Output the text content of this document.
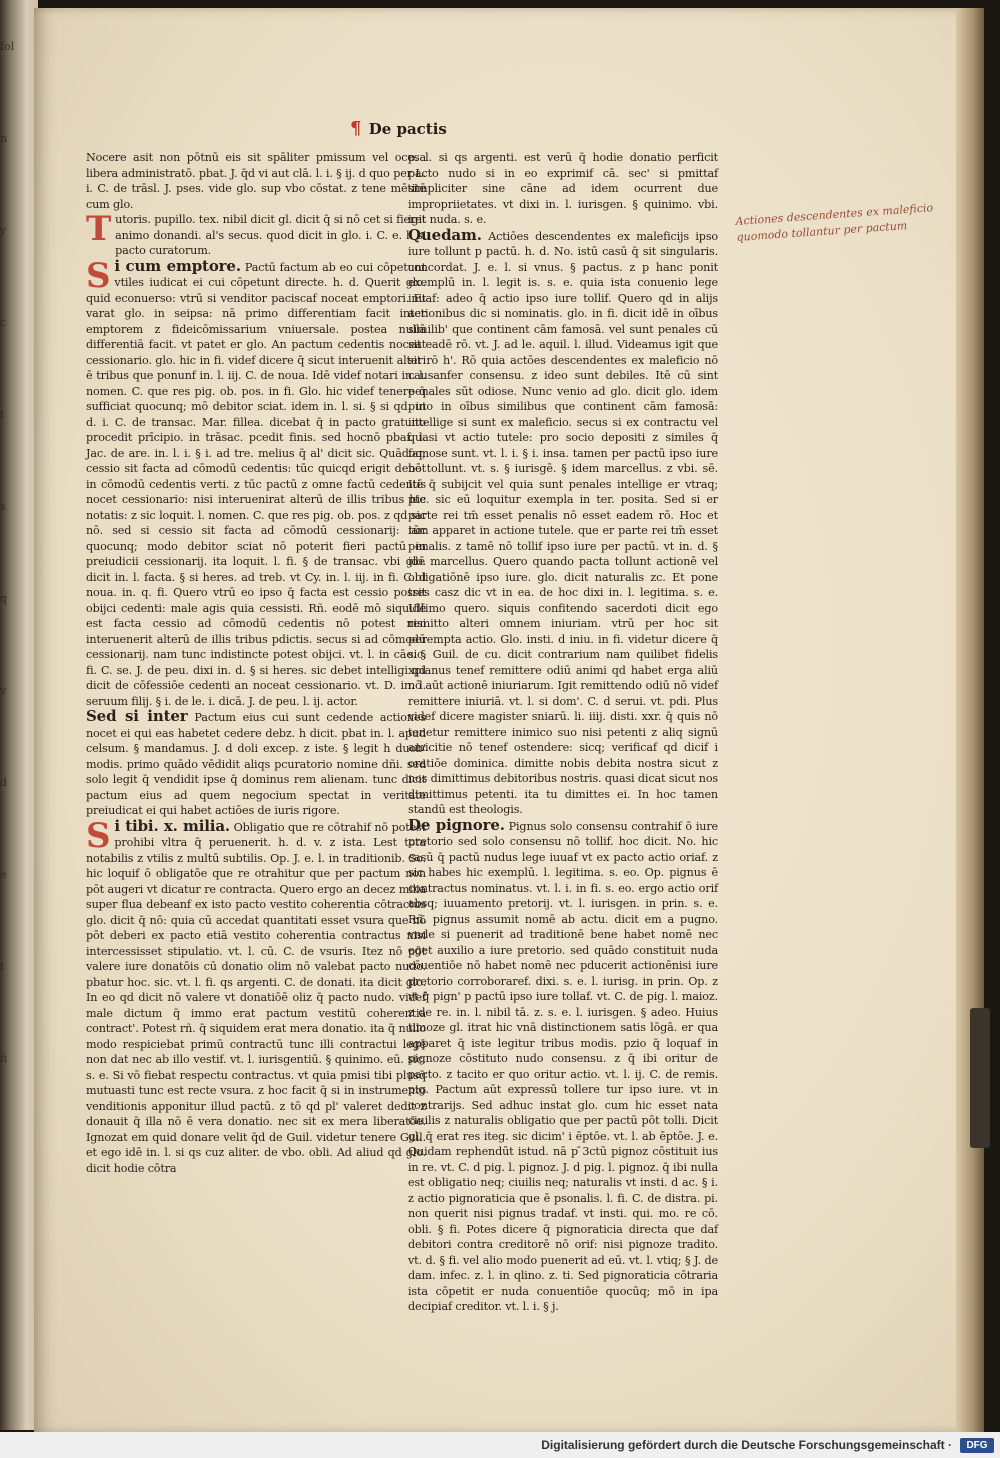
fol
n
y
c
t
s
q
v
d
e
t
fi
¶ De pactis

Nocere asit non pōtnū eis sit spāliter pmissum vel ocesa libera administratō. pbat. J. q̄d vi aut clā. l. i. § ij. d quo per L. i. C. de trāsl. J. pses. vide glo. sup vbo cōstat. z tene mētitē cum glo.

T utoris. pupillo. tex. nibil dicit gl. dicit q̄ si nō cet si fieret animo donandi. al's secus. quod dicit in glo. i. C. e. l. si pacto curatorum.

S i cum emptore. Pactū factum ab eo cui cōpetunt vtiles iudicat ei cui cōpetunt directe. h. d. Querit glo. quid econuerso: vtrū si venditor paciscaf noceat emptori. Et varat glo. in seipsa: nā primo differentiam facit inter emptorem z fideicōmissarium vniuersale. postea nullā differentiā facit. vt patet er glo. An pactum cedentis noceat cessionario. glo. hic in fi. videf dicere q̄ sicut interuenit alteri ē tribus que ponunf in. l. iij. C. de noua. Idē videf notari in. l. nomen. C. que res pig. ob. pos. in fi. Glo. hic videf tenere q̄ sufficiat quocunq; mō debitor sciat. idem in. l. si. § si qd. in d. i. C. de transac. Mar. fillea. dicebat q̄ in pacto gratuito procedit prīcipio. in trāsac. pcedit finis. sed hocnō pbaf. l. Jac. de are. in. l. i. § i. ad tre. melius q̄ al' dicit sic. Quādoq; cessio sit facta ad cōmodū cedentis: tūc quicqd erigit debet in cōmodū cedentis verti. z tūc pactū z omne factū cedentis nocet cessionario: nisi interuenirat alterū de illis tribus hic notatis: z sic loquit. l. nomen. C. que res pig. ob. pos. z qd sic nō. sed si cessio sit facta ad cōmodū cessionarij: tūc quocunq; modo debitor sciat nō poterit fieri pactū in preiudicii cessionarij. ita loquit. l. fi. § de transac. vbi glo. dicit in. l. facta. § si heres. ad treb. vt Cy. in. l. iij. in fi. C. d noua. in. q. fi. Quero vtrū eo ipso q̄ facta est cessio possit obijci cedenti: male agis quia cessisti. Rñ. eodē mō siquidē est facta cessio ad cōmodū cedentis nō potest nisi interuenerit alterū de illis tribus pdictis. secus si ad cōmodū cessionarij. nam tunc indistincte potest obijci. vt. l. in cāe. § fi. C. se. J. de peu. dixi in. d. § si heres. sic debet intelligi qd dicit de cōfessiōe cedenti an noceat cessionario. vt. D. in. l. seruum filij. § i. de le. i. dicā. J. de peu. l. ij. actor.

Sed si inter Pactum eius cui sunt cedende actiones nocet ei qui eas habetet cedere debz. h dicit. pbat in. l. apud celsum. § mandamus. J. d doli excep. z iste. § legit h duob' modis. primo quādo vēdidit aliqs pcuratorio nomine dñi. sed solo legit q̄ vendidit ipse q̄ dominus rem alienam. tunc dicit pactum eius ad quem negocium spectat in veritate preiudicat ei qui habet actiōes de iuris rigore.

S i tibi. x. milia. Obligatio que re cōtrahif nō potest prohibi vltra q̄ peruenerit. h. d. v. z ista. Lest tota notabilis z vtilis z multū subtilis. Op. J. e. l. in traditionib. So. hic loquif ō obligatōe que re otrahitur que per pactum non pōt augeri vt dicatur re contracta. Quero ergo an decez milia super flua debeanf ex isto pacto vestito coherentia cōtractus glo. dicit q̄ nō: quia cū accedat quantitati esset vsura que nō pōt deberi ex pacto etiā vestito coherentia contractus nisi intercessisset stipulatio. vt. l. cū. C. de vsuris. Itez nō pōt valere iure donatōis cū donatio olim nō valebat pacto nudo. pbatur hoc. sic. vt. l. fi. qs argenti. C. de donati. ita dicit glo. In eo qd dicit nō valere vt donatiōē oliz q̄ pacto nudo. videf male dictum q̄ immo erat pactum vestitū coherentia contract'. Potest rñ. q̄ siquidem erat mera donatio. ita q̄ nullo modo respiciebat primū contractū tunc illi contractui legē non dat nec ab illo vestif. vt. l. iurisgentiū. § quinimo. eū. sic. s. e. Si vō fiebat respectu contractus. vt quia pmisi tibi plusq̄ mutuasti tunc est recte vsura. z hoc facit q̄ si in instrumento venditionis apponitur illud pactū. z tō qd pl' valeret dedit z donauit q̄ illa nō ē vera donatio. nec sit ex mera liberatōe. Ignozat em quid donare velit q̄d de Guil. videtur tenere Guil. et ego idē in. l. si qs cuz aliter. de vbo. obli. Ad aliud qd glo. dicit hodie cōtra

p. l. si qs argenti. est verū q̄ hodie donatio perficit pacto nudo si in eo exprimif cā. sec' si pmittaf simpliciter sine cāne ad idem ocurrent due impropriietates. vt dixi in. l. iurisgen. § quinimo. vbi. igit nuda. s. e.

Quedam. Actiōes descendentes ex maleficijs ipso iure tollunt p pactū. h. d. No. istū casū q̄ sit singularis. concordat. J. e. l. si vnus. § pactus. z p hanc ponit exemplū in. l. legit is. s. e. quia ista conuenio lege inuaf: adeo q̄ actio ipso iure tollif. Quero qd in alijs actionibus dic si nominatis. glo. in fi. dicit idē in oībus similib' que continent cām famosā. vel sunt penales cū sit eadē rō. vt. J. ad le. aquil. l. illud. Videamus igit que sit rō h'. Rō quia actōes descendentes ex maleficio nō causanfer consensu. z ideo sunt debiles. Itē cū sint penales sūt odiose. Nunc venio ad glo. dicit glo. idem puto in oībus similibus que continent cām famosā: intellige si sunt ex maleficio. secus si ex contractu vel quasi vt actio tutele: pro socio depositi z similes q̄ famose sunt. vt. l. i. § i. insa. tamen per pactū ipso iure nō tollunt. vt. s. § iurisgē. § idem marcellus. z vbi. sē. Itē q̄ subijcit vel quia sunt penales intellige er vtraq; pte. sic eū loquitur exempla in ter. posita. Sed si er parte rei tm̄ esset penalis nō esset eadem rō. Hoc et iam apparet in actione tutele. que er parte rei tm̄ esset penalis. z tamē nō tollif ipso iure per pactū. vt in. d. § idē marcellus. Quero quando pacta tollunt actionē vel obligatiōnē ipso iure. glo. dicit naturalis zc. Et pone tres casz dic vt in ea. de hoc dixi in. l. legitima. s. e. Ultimo quero. siquis confitendo sacerdoti dicit ego remitto alteri omnem iniuriam. vtrū per hoc sit perempta actio. Glo. insti. d iniu. in fi. videtur dicere q̄ sic. Guil. de cu. dicit contrarium nam quilibet fidelis xpianus tenef remittere odiū animi qd habet erga aliū nō aūt actionē iniuriarum. Igit remittendo odiū nō videf remittere iniuriā. vt. l. si dom'. C. d serui. vt. pdi. Plus videf dicere magister sniarū. li. iiij. disti. xxr. q̄ quis nō tenetur remittere inimico suo nisi petenti z aliq signū amicitie nō tenef ostendere: sicq; verificaf qd dicif i oratiōe dominica. dimitte nobis debita nostra sicut z nos dimittimus debitoribus nostris. quasi dicat sicut nos dimittimus petenti. ita tu dimittes ei. In hoc tamen standū est theologis.

De pignore. Pignus solo consensu contrahif ō iure pretorio sed solo consensu nō tollif. hoc dicit. No. hic casū q̄ pactū nudus lege iuuaf vt ex pacto actio oriaf. z sic habes hic exemplū. l. legitima. s. eo. Op. pignus ē contractus nominatus. vt. l. i. in fi. s. eo. ergo actio orif absq; iuuamento pretorij. vt. l. iurisgen. in prin. s. e. Rñ. pignus assumit nomē ab actu. dicit em a pugno. vnde si puenerit ad traditionē bene habet nomē nec eget auxilio a iure pretorio. sed quādo constituit nuda cōuentiōe nō habet nomē nec pducerit actionēnisi iure pretorio corroboraref. dixi. s. e. l. iurisg. in prin. Op. z vt q̄ pign' p pactū ipso iure tollaf. vt. C. de pig. l. maioz. z de re. in. l. nibil tā. z. s. e. l. iurisgen. § adeo. Huius timoze gl. itrat hic vnā distinctionem satis lōgā. er qua apparet q̄ iste legitur tribus modis. pzio q̄ loquaf in pignoze cōstituto nudo consensu. z q̄ ibi oritur de pacto. z tacito er quo oritur actio. vt. l. ij. C. de remis. pig. Pactum aūt expressū tollere tur ipso iure. vt in contrarijs. Sed adhuc instat glo. cum hic esset nata ciuilis z naturalis obligatio que per pactū pōt tolli. Dicit gl. q̄ erat res iteg. sic dicim' i ēptōe. vt. l. ab ēptōe. J. e. Quidam rephendūt istud. nā p ̄3ctū pignoz cōstituit ius in re. vt. C. d pig. l. pignoz. J. d pig. l. pignoz. q̄ ibi nulla est obligatio neq; ciuilis neq; naturalis vt insti. d ac. § i. z actio pignoraticia que ē psonalis. l. fi. C. de distra. pi. non querit nisi pignus tradaf. vt insti. qui. mo. re cō. obli. § fi. Potes dicere q̄ pignoraticia directa que daf debitori contra creditorē nō orif: nisi pignoze tradito. vt. d. § fi. vel alio modo puenerit ad eū. vt. l. vtiq; § J. de dam. infec. z. l. in qlino. z. ti. Sed pignoraticia cōtraria ista cōpetit er nuda conuentiōe quocūq; mō in ipa decipiaf creditor. vt. l. i. § j.

Actiones descendentes ex maleficio quomodo tollantur per pactum
Digitalisierung gefördert durch die Deutsche Forschungsgemeinschaft ·	DFG
